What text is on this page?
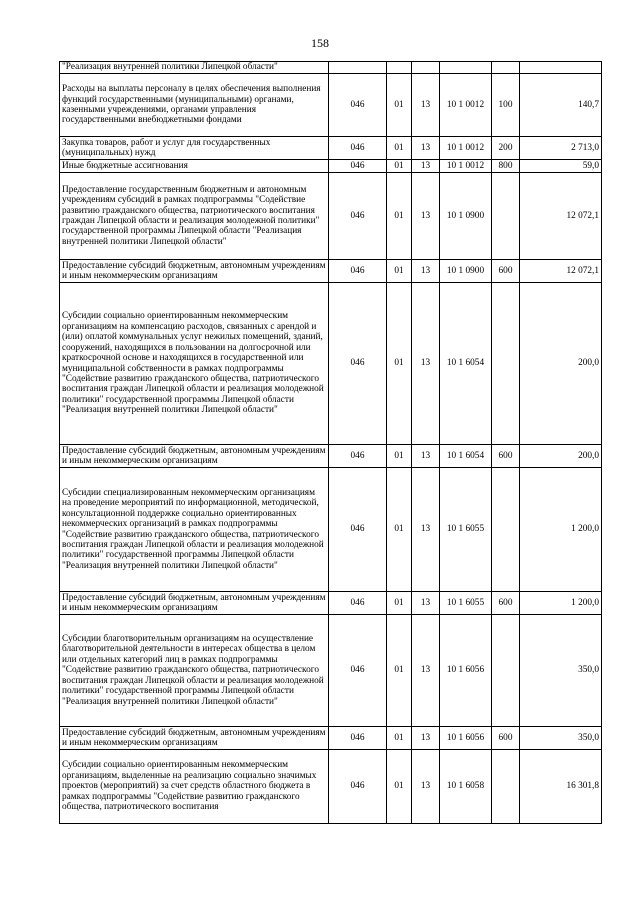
158
"Реализация внутренней политики Липецкой области"						
Расходы на выплаты персоналу в целях обеспечения выполнения функций государственными (муниципальными) органами, казенными учреждениями, органами управления государственными внебюджетными фондами	046	01	13	10 1 0012	100	140,7
Закупка товаров, работ и услуг для государственных (муниципальных) нужд	046	01	13	10 1 0012	200	2 713,0
Иные бюджетные ассигнования	046	01	13	10 1 0012	800	59,0
Предоставление государственным бюджетным и автономным учреждениям субсидий в рамках подпрограммы "Содействие развитию гражданского общества, патриотического воспитания граждан Липецкой области и реализация молодежной политики" государственной программы Липецкой области "Реализация внутренней политики Липецкой области"	046	01	13	10 1 0900		12 072,1
Предоставление субсидий бюджетным, автономным учреждениям и иным некоммерческим организациям	046	01	13	10 1 0900	600	12 072,1
Субсидии социально ориентированным некоммерческим организациям на компенсацию расходов, связанных с арендой и (или) оплатой коммунальных услуг нежилых помещений, зданий, сооружений, находящихся в пользовании на долгосрочной или краткосрочной основе и находящихся в государственной или муниципальной собственности в рамках подпрограммы "Содействие развитию гражданского общества, патриотического воспитания граждан Липецкой области и реализация молодежной политики" государственной программы Липецкой области "Реализация внутренней политики Липецкой области"	046	01	13	10 1 6054		200,0
Предоставление субсидий бюджетным, автономным учреждениям и иным некоммерческим организациям	046	01	13	10 1 6054	600	200,0
Субсидии специализированным некоммерческим организациям на проведение мероприятий по информационной, методической, консультационной поддержке социально ориентированных некоммерческих организаций в рамках подпрограммы "Содействие развитию гражданского общества, патриотического воспитания граждан Липецкой области и реализация молодежной политики" государственной программы Липецкой области "Реализация внутренней политики Липецкой области"	046	01	13	10 1 6055		1 200,0
Предоставление субсидий бюджетным, автономным учреждениям и иным некоммерческим организациям	046	01	13	10 1 6055	600	1 200,0
Субсидии благотворительным организациям на осуществление благотворительной деятельности в интересах общества в целом или отдельных категорий лиц в рамках подпрограммы "Содействие развитию гражданского общества, патриотического воспитания граждан Липецкой области и реализация молодежной политики" государственной программы Липецкой области "Реализация внутренней политики Липецкой области"	046	01	13	10 1 6056		350,0
Предоставление субсидий бюджетным, автономным учреждениям и иным некоммерческим организациям	046	01	13	10 1 6056	600	350,0
Субсидии социально ориентированным некоммерческим организациям, выделенные на реализацию социально значимых проектов (мероприятий) за счет средств областного бюджета в рамках подпрограммы "Содействие развитию гражданского общества, патриотического воспитания	046	01	13	10 1 6058		16 301,8
